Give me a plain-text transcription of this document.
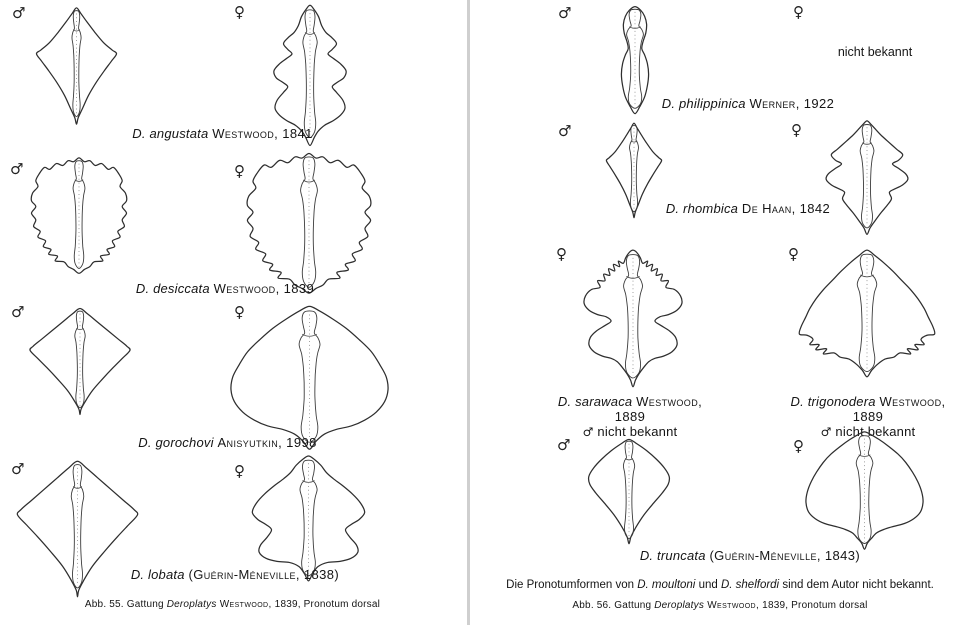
♂	♀
D. angustata Westwood, 1841
♂	♀
D. desiccata Westwood, 1839
♂	♀
D. gorochovi Anisyutkin, 1998
♂	♀
D. lobata (Guérin-Méneville, 1838)
Abb. 55. Gattung Deroplatys Westwood, 1839, Pronotum dorsal
♂	♀
nicht bekannt
D. philippinica Werner, 1922
♂	♀
D. rhombica De Haan, 1842
♀	♀
D. sarawaca Westwood, 1889
♂ nicht bekannt
D. trigonodera Westwood, 1889
♂ nicht bekannt
♂	♀
D. truncata (Guérin-Méneville, 1843)
Die Pronotumformen von D. moultoni und D. shelfordi sind dem Autor nicht bekannt.
Abb. 56. Gattung Deroplatys Westwood, 1839, Pronotum dorsal
